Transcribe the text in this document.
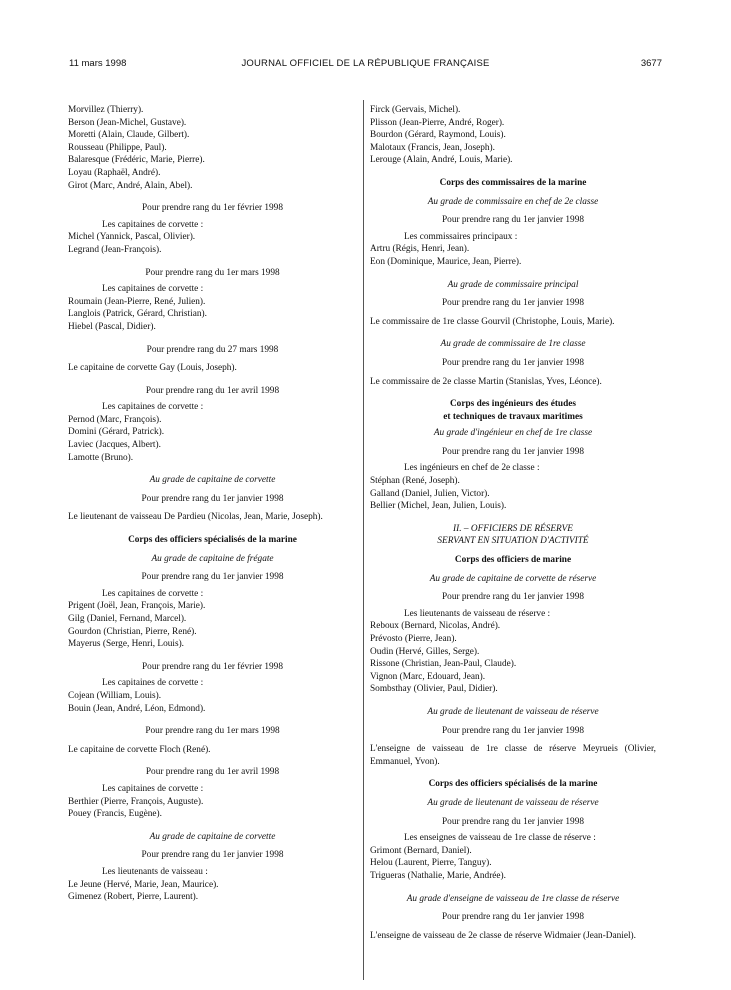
11 mars 1998	JOURNAL OFFICIEL DE LA RÉPUBLIQUE FRANÇAISE	3677
Morvillez (Thierry).
Berson (Jean-Michel, Gustave).
Moretti (Alain, Claude, Gilbert).
Rousseau (Philippe, Paul).
Balaresque (Frédéric, Marie, Pierre).
Loyau (Raphaël, André).
Girot (Marc, André, Alain, Abel).
Pour prendre rang du 1er février 1998
Les capitaines de corvette :
Michel (Yannick, Pascal, Olivier).
Legrand (Jean-François).
Pour prendre rang du 1er mars 1998
Les capitaines de corvette :
Roumain (Jean-Pierre, René, Julien).
Langlois (Patrick, Gérard, Christian).
Hiebel (Pascal, Didier).
Pour prendre rang du 27 mars 1998
Le capitaine de corvette Gay (Louis, Joseph).
Pour prendre rang du 1er avril 1998
Les capitaines de corvette :
Pernod (Marc, François).
Domini (Gérard, Patrick).
Laviec (Jacques, Albert).
Lamotte (Bruno).
Au grade de capitaine de corvette
Pour prendre rang du 1er janvier 1998
Le lieutenant de vaisseau De Pardieu (Nicolas, Jean, Marie, Joseph).
Corps des officiers spécialisés de la marine
Au grade de capitaine de frégate
Pour prendre rang du 1er janvier 1998
Les capitaines de corvette :
Prigent (Joël, Jean, François, Marie).
Gilg (Daniel, Fernand, Marcel).
Gourdon (Christian, Pierre, René).
Mayerus (Serge, Henri, Louis).
Pour prendre rang du 1er février 1998
Les capitaines de corvette :
Cojean (William, Louis).
Bouin (Jean, André, Léon, Edmond).
Pour prendre rang du 1er mars 1998
Le capitaine de corvette Floch (René).
Pour prendre rang du 1er avril 1998
Les capitaines de corvette :
Berthier (Pierre, François, Auguste).
Pouey (Francis, Eugène).
Au grade de capitaine de corvette
Pour prendre rang du 1er janvier 1998
Les lieutenants de vaisseau :
Le Jeune (Hervé, Marie, Jean, Maurice).
Gimenez (Robert, Pierre, Laurent).
Firck (Gervais, Michel).
Plisson (Jean-Pierre, André, Roger).
Bourdon (Gérard, Raymond, Louis).
Malotaux (Francis, Jean, Joseph).
Lerouge (Alain, André, Louis, Marie).
Corps des commissaires de la marine
Au grade de commissaire en chef de 2e classe
Pour prendre rang du 1er janvier 1998
Les commissaires principaux :
Artru (Régis, Henri, Jean).
Eon (Dominique, Maurice, Jean, Pierre).
Au grade de commissaire principal
Pour prendre rang du 1er janvier 1998
Le commissaire de 1re classe Gourvil (Christophe, Louis, Marie).
Au grade de commissaire de 1re classe
Pour prendre rang du 1er janvier 1998
Le commissaire de 2e classe Martin (Stanislas, Yves, Léonce).
Corps des ingénieurs des études
et techniques de travaux maritimes
Au grade d'ingénieur en chef de 1re classe
Pour prendre rang du 1er janvier 1998
Les ingénieurs en chef de 2e classe :
Stéphan (René, Joseph).
Galland (Daniel, Julien, Victor).
Bellier (Michel, Jean, Julien, Louis).
II. – OFFICIERS DE RÉSERVE
SERVANT EN SITUATION D'ACTIVITÉ
Corps des officiers de marine
Au grade de capitaine de corvette de réserve
Pour prendre rang du 1er janvier 1998
Les lieutenants de vaisseau de réserve :
Reboux (Bernard, Nicolas, André).
Prévosto (Pierre, Jean).
Oudin (Hervé, Gilles, Serge).
Rissone (Christian, Jean-Paul, Claude).
Vignon (Marc, Edouard, Jean).
Sombsthay (Olivier, Paul, Didier).
Au grade de lieutenant de vaisseau de réserve
Pour prendre rang du 1er janvier 1998
L'enseigne de vaisseau de 1re classe de réserve Meyrueis (Olivier, Emmanuel, Yvon).
Corps des officiers spécialisés de la marine
Au grade de lieutenant de vaisseau de réserve
Pour prendre rang du 1er janvier 1998
Les enseignes de vaisseau de 1re classe de réserve :
Grimont (Bernard, Daniel).
Helou (Laurent, Pierre, Tanguy).
Trigueras (Nathalie, Marie, Andrée).
Au grade d'enseigne de vaisseau de 1re classe de réserve
Pour prendre rang du 1er janvier 1998
L'enseigne de vaisseau de 2e classe de réserve Widmaier (Jean-Daniel).
